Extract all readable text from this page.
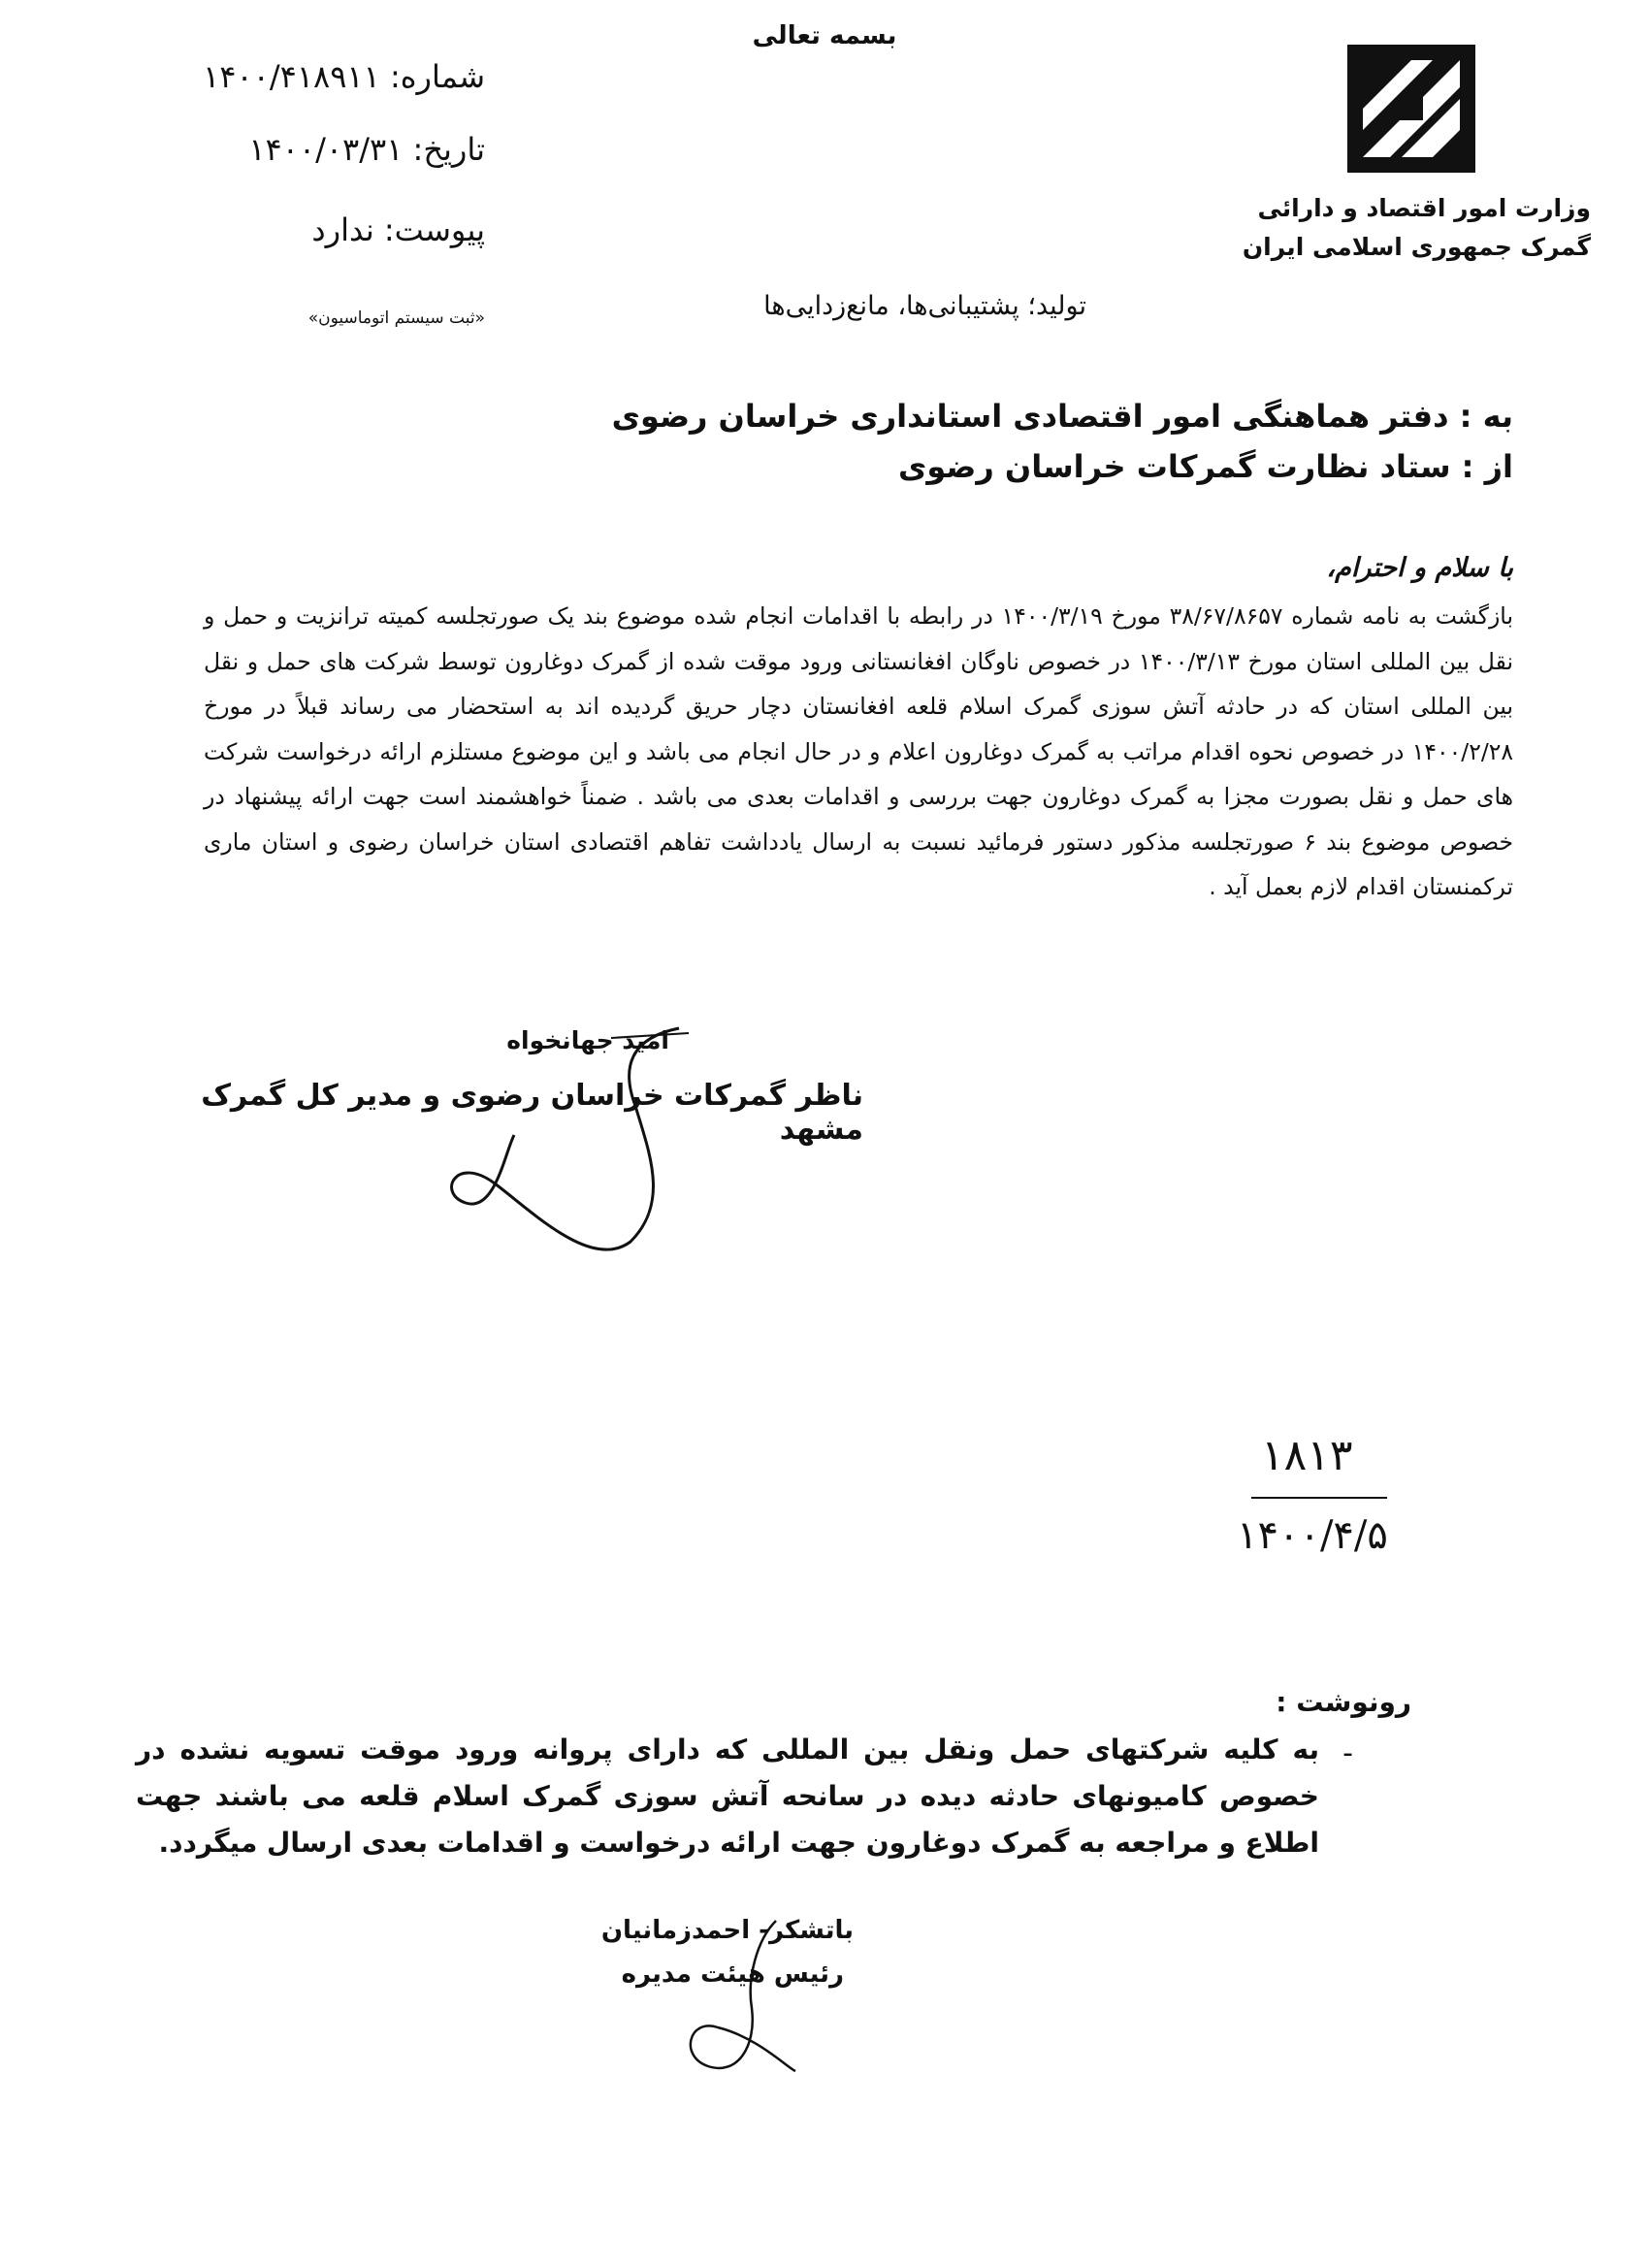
بسمه تعالی
وزارت امور اقتصاد و دارائی
گمرک جمهوری اسلامی ایران
شماره: ۱۴۰۰/۴۱۸۹۱۱
تاریخ: ۱۴۰۰/۰۳/۳۱
پیوست: ندارد
«ثبت سیستم اتوماسیون»	تولید؛ پشتیبانی‌ها، مانع‌زدایی‌ها
به : دفتر هماهنگی امور اقتصادی استانداری خراسان رضوی
از : ستاد نظارت گمرکات خراسان رضوی
با سلام و احترام،
بازگشت به نامه شماره ۳۸/۶۷/۸۶۵۷ مورخ ۱۴۰۰/۳/۱۹ در رابطه با اقدامات انجام شده موضوع بند یک صورتجلسه کمیته ترانزیت و حمل و نقل بین المللی استان مورخ ۱۴۰۰/۳/۱۳ در خصوص ناوگان افغانستانی ورود موقت شده از گمرک دوغارون توسط شرکت های حمل و نقل بین المللی استان که در حادثه آتش سوزی گمرک اسلام قلعه افغانستان دچار حریق گردیده اند به استحضار می رساند قبلاً در مورخ ۱۴۰۰/۲/۲۸ در خصوص نحوه اقدام مراتب به گمرک دوغارون اعلام و در حال انجام می باشد و این موضوع مستلزم ارائه درخواست شرکت های حمل و نقل بصورت مجزا به گمرک دوغارون جهت بررسی و اقدامات بعدی می باشد . ضمناً خواهشمند است جهت ارائه پیشنهاد در خصوص موضوع بند ۶ صورتجلسه مذکور دستور فرمائید نسبت به ارسال یادداشت تفاهم اقتصادی استان خراسان رضوی و استان ماری ترکمنستان اقدام لازم بعمل آید .
امید جهانخواه
ناظر گمرکات خراسان رضوی و مدیر کل گمرک مشهد
۱۸۱۳
۱۴۰۰/۴/۵
رونوشت :
-
به کلیه شرکتهای حمل ونقل بین المللی که دارای پروانه ورود موقت تسویه نشده در خصوص کامیونهای حادثه دیده در سانحه آتش سوزی گمرک اسلام قلعه می باشند جهت اطلاع و مراجعه به گمرک دوغارون جهت ارائه درخواست و اقدامات بعدی ارسال میگردد.
باتشکر- احمدزمانیان
رئیس هیئت مدیره
